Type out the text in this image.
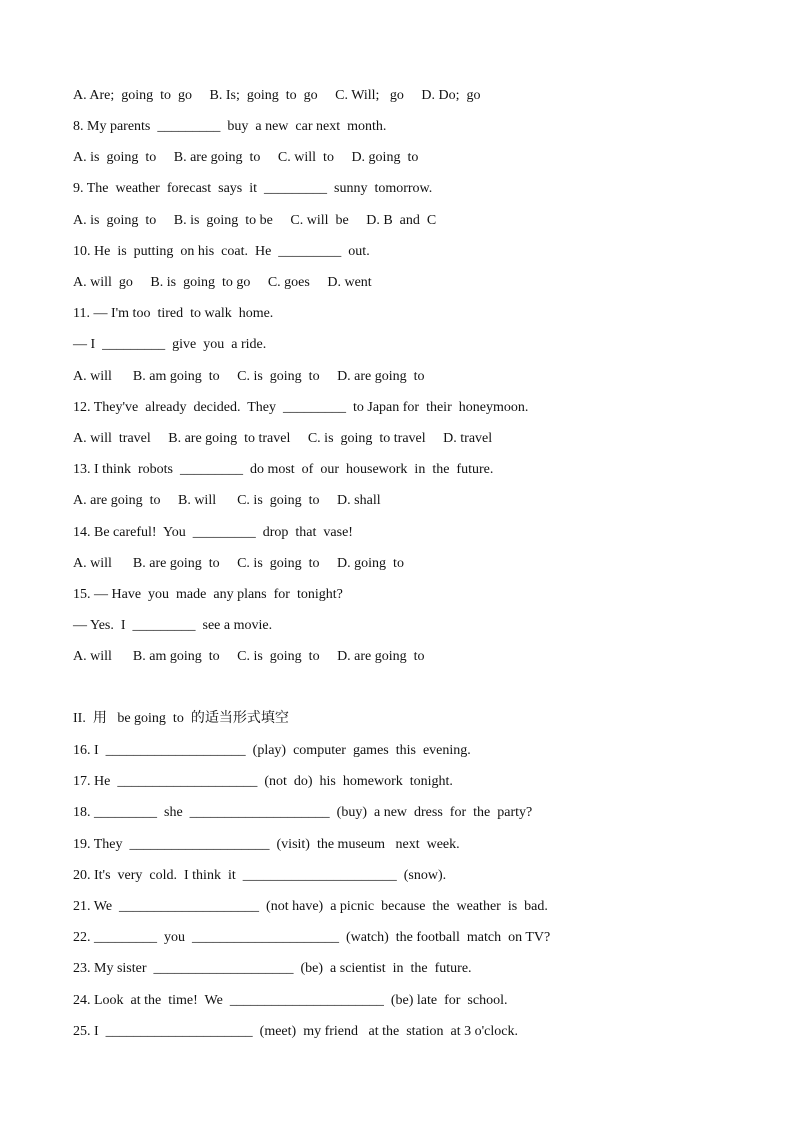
A. Are;  going  to  go     B. Is;  going  to  go     C. Will;   go     D. Do;  go
8. My parents  _________  buy  a new  car next  month.
A. is  going  to     B. are going  to     C. will  to     D. going  to
9. The  weather  forecast  says  it  _________  sunny  tomorrow.
A. is  going  to     B. is  going  to be     C. will  be     D. B  and  C
10. He  is  putting  on his  coat.  He  _________  out.
A. will  go     B. is  going  to go     C. goes     D. went
11. — I'm too  tired  to walk  home.
— I  _________  give  you  a ride.
A. will      B. am going  to     C. is  going  to     D. are going  to
12. They've  already  decided.  They  _________  to Japan for  their  honeymoon.
A. will  travel     B. are going  to travel     C. is  going  to travel     D. travel
13. I think  robots  _________  do most  of  our  housework  in  the  future.
A. are going  to     B. will      C. is  going  to     D. shall
14. Be careful!  You  _________  drop  that  vase!
A. will      B. are going  to     C. is  going  to     D. going  to
15. — Have  you  made  any plans  for  tonight?
— Yes.  I  _________  see a movie.
A. will      B. am going  to     C. is  going  to     D. are going  to
II.  用   be going  to  的适当形式填空
16. I  ____________________  (play)  computer  games  this  evening.
17. He  ____________________  (not  do)  his  homework  tonight.
18. _________  she  ____________________  (buy)  a new  dress  for  the  party?
19. They  ____________________  (visit)  the museum   next  week.
20. It's  very  cold.  I think  it  ______________________  (snow).
21. We  ____________________  (not have)  a picnic  because  the  weather  is  bad.
22. _________  you  _____________________  (watch)  the football  match  on TV?
23. My sister  ____________________  (be)  a scientist  in  the  future.
24. Look  at the  time!  We  ______________________  (be) late  for  school.
25. I  _____________________  (meet)  my friend   at the  station  at 3 o'clock.
